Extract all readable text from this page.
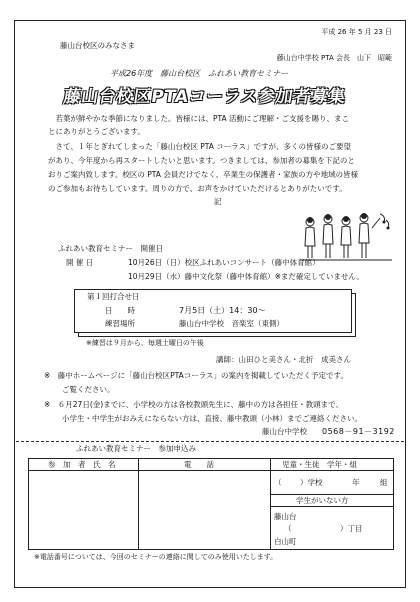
平成 26 年 5 月 23 日
藤山台校区のみなさま
藤山台中学校 PTA 会長　山下　昭範
平成26年度　藤山台校区　ふれあい教育セミナー
藤山台校区PTAコーラス参加者募集
　若葉が鮮やかな季節になりました。皆様には、PTA 活動にご理解・ご支援を賜り、まこ
とにありがとうございます。
　さて、１年とぎれてしまった「藤山台校区 PTA コーラス」ですが、多くの皆様のご要望
があり、今年度から再スタートしたいと思います。つきましては、参加者の募集を下記のと
おりご案内致します。校区の PTA 会員だけでなく、卒業生の保護者・家族の方や地域の皆様
のご参加もお待ちしています。周りの方で、お声をかけていただけるとありがたいです。
記
ふれあい教育セミナー　開催日
開 催 日	10月26日（日）校区ふれあいコンサート（藤中体育館）
10月29日（水）藤中文化祭（藤中体育館）※まだ確定していません。
第１回打合せ日
日　　時	7月5日（土）14：30～
練習場所	藤山台中学校　音楽室（東側）
※練習は９月から、毎週土曜日の午後
講師：山田ひと美さん・北折　成美さん
※　藤中ホームページに「藤山台校区PTAコーラス」の案内を掲載していただく予定です。
ご覧ください。
※　６月27日(金)までに、小学校の方は各校教頭先生に、藤中の方は各担任・教頭まで、
小学生・中学生がおみえにならない方は、直接、藤中教頭（小林）までご連絡ください。
藤山台中学校 0568－91－3192
ふれあい教育セミナー　参加申込み
参　加　者　氏　名	電　　話	児童・生徒　学年・組
（ ）学校	年	組
学生がいない方
藤山台
（	）丁目
白山町
※電話番号については、今回のセミナーの連絡に関してのみ使用いたします。
